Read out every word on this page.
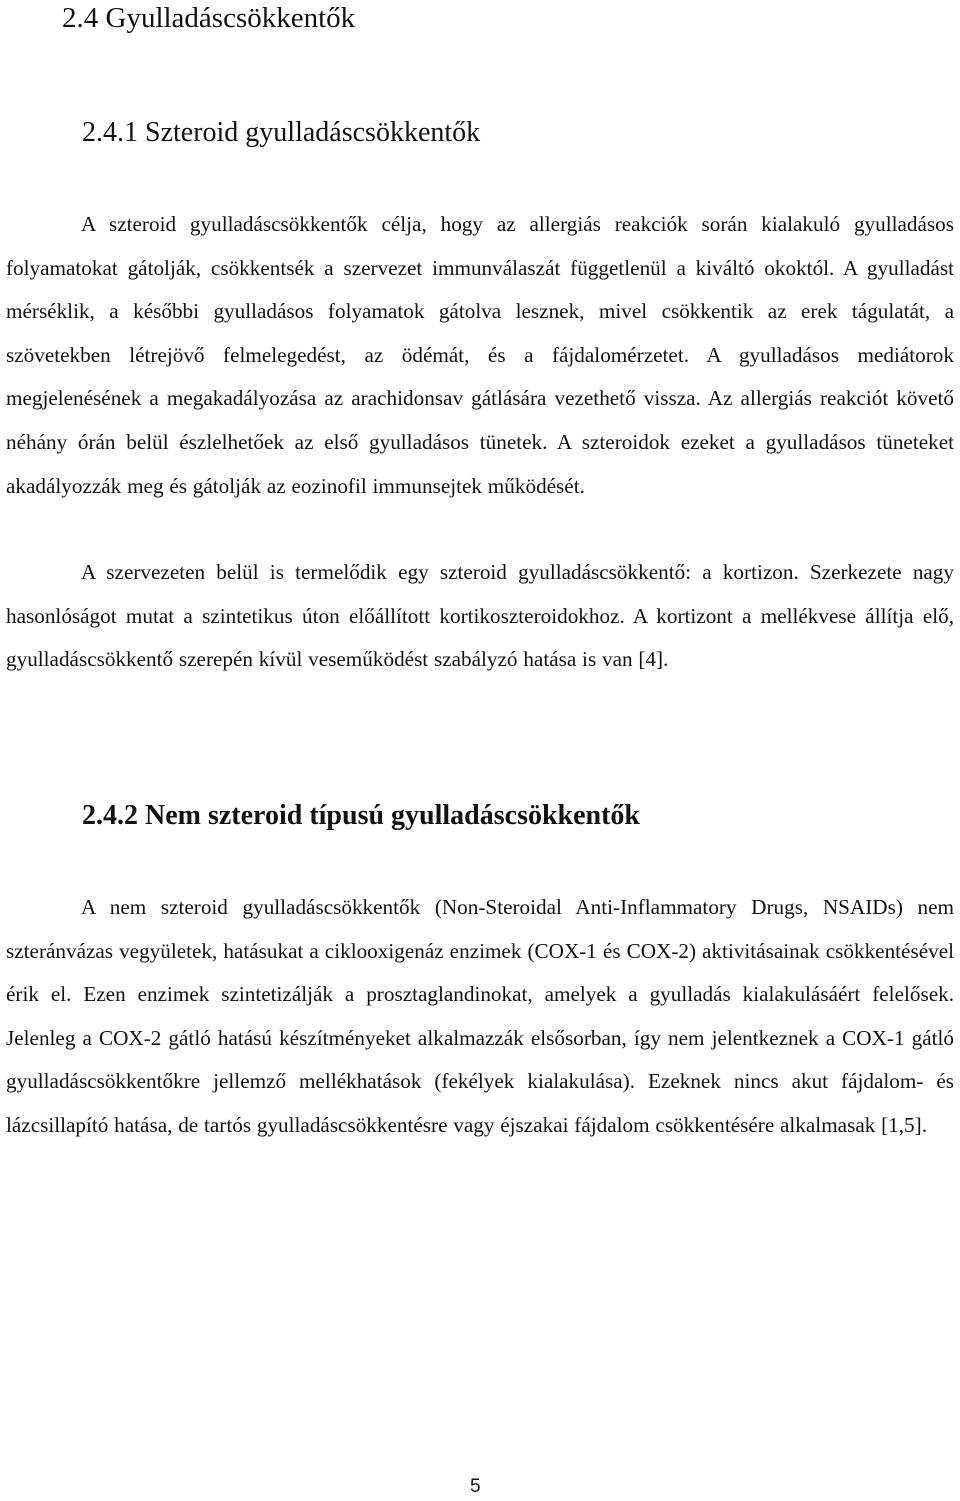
2.4 Gyulladáscsökkentők
2.4.1 Szteroid gyulladáscsökkentők

A szteroid gyulladáscsökkentők célja, hogy az allergiás reakciók során kialakuló gyulladásos folyamatokat gátolják, csökkentsék a szervezet immunválaszát függetlenül a kiváltó okoktól. A gyulladást mérséklik, a későbbi gyulladásos folyamatok gátolva lesznek, mivel csökkentik az erek tágulatát, a szövetekben létrejövő felmelegedést, az ödémát, és a fájdalomérzetet. A gyulladásos mediátorok megjelenésének a megakadályozása az arachidonsav gátlására vezethető vissza. Az allergiás reakciót követő néhány órán belül észlelhetőek az első gyulladásos tünetek. A szteroidok ezeket a gyulladásos tüneteket akadályozzák meg és gátolják az eozinofil immunsejtek működését.

A szervezeten belül is termelődik egy szteroid gyulladáscsökkentő: a kortizon. Szerkezete nagy hasonlóságot mutat a szintetikus úton előállított kortikoszteroidokhoz. A kortizont a mellékvese állítja elő, gyulladáscsökkentő szerepén kívül veseműködést szabályzó hatása is van [4].

2.4.2 Nem szteroid típusú gyulladáscsökkentők

A nem szteroid gyulladáscsökkentők (Non-Steroidal Anti-Inflammatory Drugs, NSAIDs) nem szteránvázas vegyületek, hatásukat a ciklooxigenáz enzimek (COX-1 és COX-2) aktivitásainak csökkentésével érik el. Ezen enzimek szintetizálják a prosztaglandinokat, amelyek a gyulladás kialakulásáért felelősek. Jelenleg a COX-2 gátló hatású készítményeket alkalmazzák elsősorban, így nem jelentkeznek a COX-1 gátló gyulladáscsökkentőkre jellemző mellékhatások (fekélyek kialakulása). Ezeknek nincs akut fájdalom- és lázcsillapító hatása, de tartós gyulladáscsökkentésre vagy éjszakai fájdalom csökkentésére alkalmasak [1,5].

5
